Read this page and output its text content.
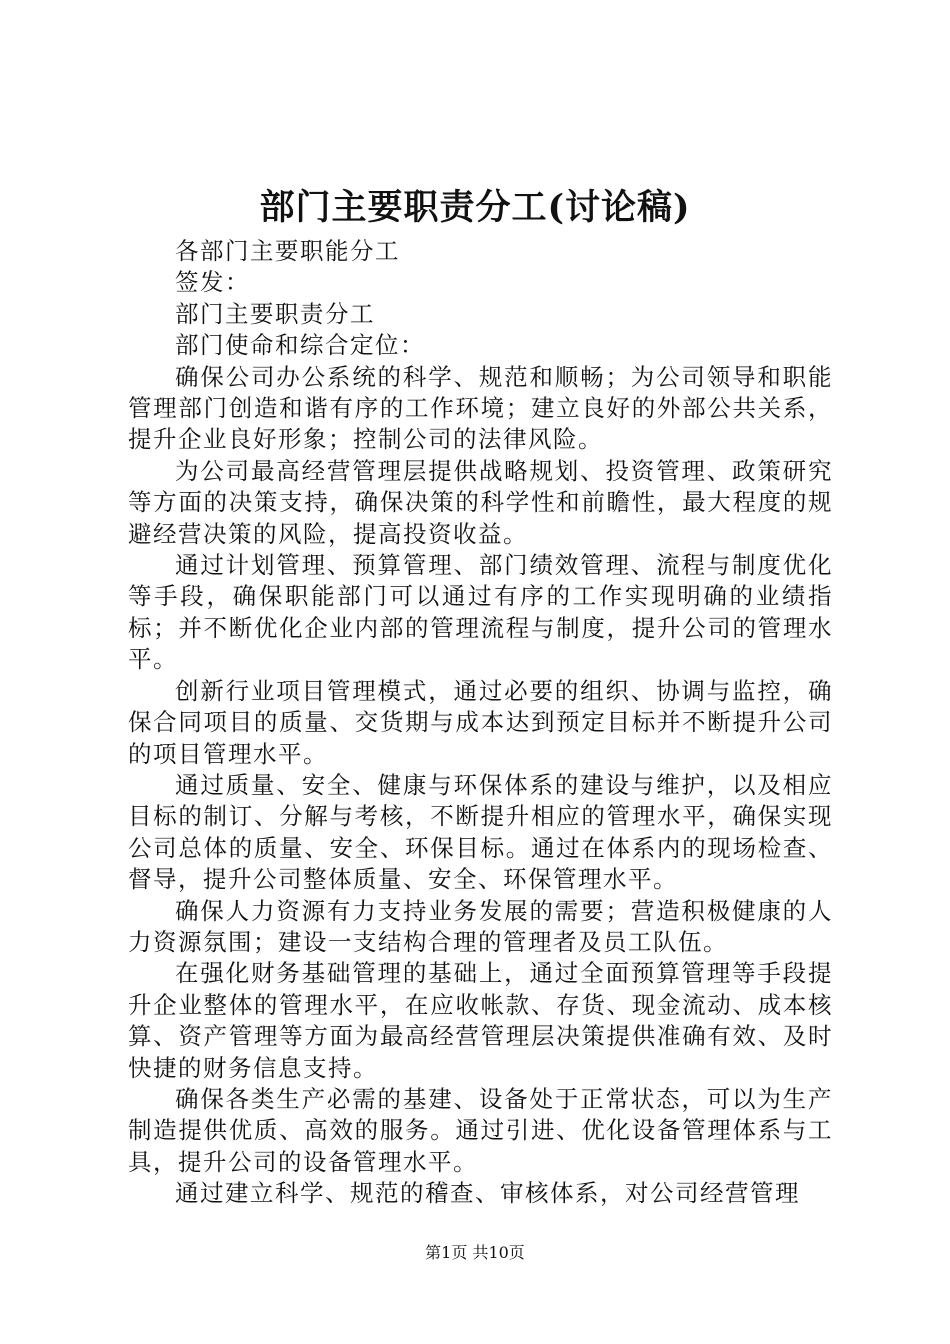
部门主要职责分工(讨论稿)

各部门主要职能分工

签发：

部门主要职责分工

部门使命和综合定位：

确保公司办公系统的科学、规范和顺畅；为公司领导和职能管理部门创造和谐有序的工作环境；建立良好的外部公共关系，提升企业良好形象；控制公司的法律风险。

为公司最高经营管理层提供战略规划、投资管理、政策研究等方面的决策支持，确保决策的科学性和前瞻性，最大程度的规避经营决策的风险，提高投资收益。

通过计划管理、预算管理、部门绩效管理、流程与制度优化等手段，确保职能部门可以通过有序的工作实现明确的业绩指标；并不断优化企业内部的管理流程与制度，提升公司的管理水平。

创新行业项目管理模式，通过必要的组织、协调与监控，确保合同项目的质量、交货期与成本达到预定目标并不断提升公司的项目管理水平。

通过质量、安全、健康与环保体系的建设与维护，以及相应目标的制订、分解与考核，不断提升相应的管理水平，确保实现公司总体的质量、安全、环保目标。通过在体系内的现场检查、督导，提升公司整体质量、安全、环保管理水平。

确保人力资源有力支持业务发展的需要；营造积极健康的人力资源氛围；建设一支结构合理的管理者及员工队伍。

在强化财务基础管理的基础上，通过全面预算管理等手段提升企业整体的管理水平，在应收帐款、存货、现金流动、成本核算、资产管理等方面为最高经营管理层决策提供准确有效、及时快捷的财务信息支持。

确保各类生产必需的基建、设备处于正常状态，可以为生产制造提供优质、高效的服务。通过引进、优化设备管理体系与工具，提升公司的设备管理水平。

通过建立科学、规范的稽查、审核体系，对公司经营管理

第1页 共10页
